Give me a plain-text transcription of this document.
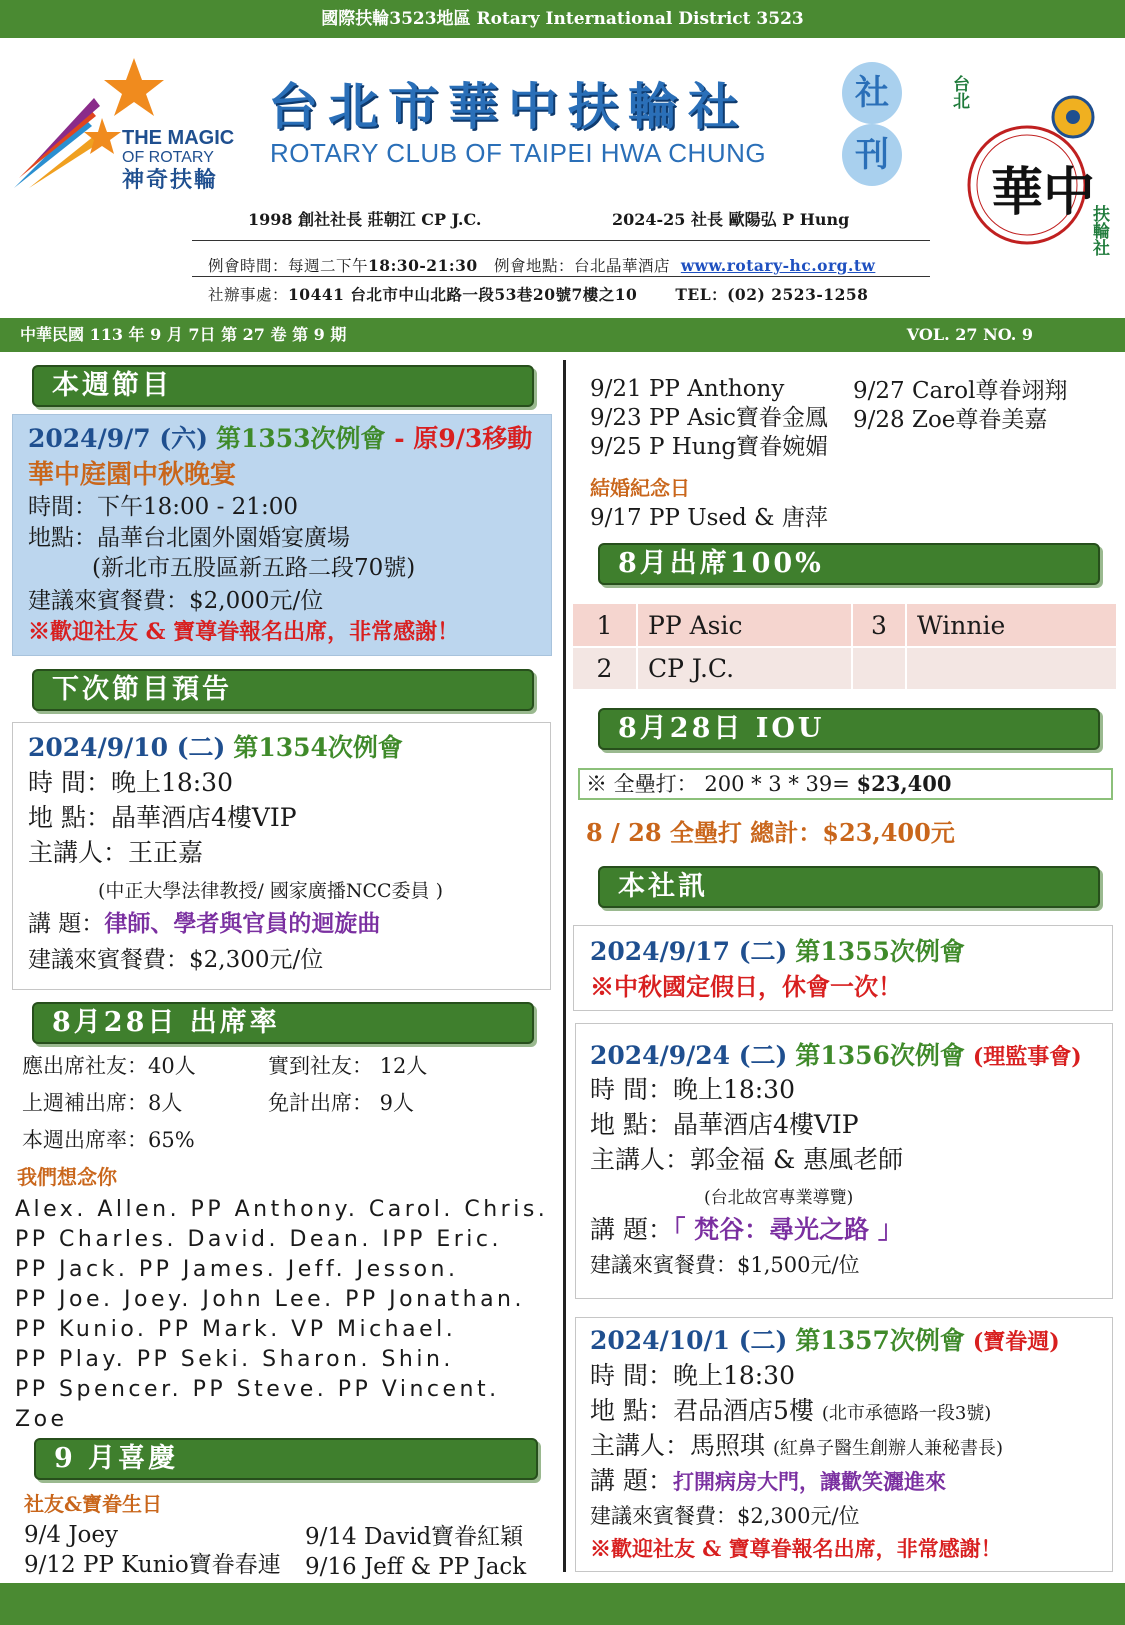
國際扶輪3523地區 Rotary International District 3523
THE MAGIC
OF ROTARY
神奇扶輪
台北市華中扶輪社
ROTARY CLUB OF TAIPEI HWA CHUNG
社
刊
台北
華中
扶輪社
1998 創社社長 莊朝江 CP J.C.	2024-25 社長 歐陽弘 P Hung
例會時間：每週二下午18:30-21:30 例會地點：台北晶華酒店 www.rotary-hc.org.tw
社辦事處：10441 台北市中山北路一段53巷20號7樓之10 TEL：(02) 2523-1258
中華民國 113 年 9 月 7日 第 27 卷 第 9 期	VOL. 27 NO. 9
本週節目
2024/9/7 (六) 第1353次例會 - 原9/3移動
華中庭園中秋晚宴
時間：下午18:00 - 21:00
地點：晶華台北園外園婚宴廣場
(新北市五股區新五路二段70號)
建議來賓餐費：$2,000元/位
※歡迎社友 & 寶尊眷報名出席，非常感謝！
下次節目預告
2024/9/10 (二) 第1354次例會
時 間：晚上18:30
地 點：晶華酒店4樓VIP
主講人：王正嘉
(中正大學法律教授/ 國家廣播NCC委員 )
講 題：律師、學者與官員的迴旋曲
建議來賓餐費：$2,300元/位
8月28日 出席率
應出席社友：40人	實到社友： 12人
上週補出席：8人	免計出席： 9人
本週出席率：65%
我們想念你
Alex. Allen. PP Anthony. Carol. Chris.
PP Charles. David. Dean. IPP Eric.
PP Jack. PP James. Jeff. Jesson.
PP Joe. Joey. John Lee. PP Jonathan.
PP Kunio. PP Mark. VP Michael.
PP Play. PP Seki. Sharon. Shin.
PP Spencer. PP Steve. PP Vincent.
Zoe
9 月喜慶
社友&寶眷生日
9/4 Joey
9/12 PP Kunio寶眷春連
9/14 David寶眷紅穎
9/16 Jeff & PP Jack
9/21 PP Anthony
9/23 PP Asic寶眷金鳳
9/25 P Hung寶眷婉媚
9/27 Carol尊眷翊翔
9/28 Zoe尊眷美嘉
結婚紀念日
9/17 PP Used & 唐萍
8月出席100%
1	PP Asic	3	Winnie
2	CP J.C.		
8月28日 IOU
※ 全壘打： 200 * 3 * 39= $23,400
8 / 28 全壘打 總計：$23,400元
本社訊
2024/9/17 (二) 第1355次例會
※中秋國定假日，休會一次！
2024/9/24 (二) 第1356次例會 (理監事會)
時 間：晚上18:30
地 點：晶華酒店4樓VIP
主講人：郭金福 & 惠風老師
(台北故宮專業導覽)
講 題：「 梵谷：尋光之路 」
建議來賓餐費：$1,500元/位
2024/10/1 (二) 第1357次例會 (寶眷週)
時 間：晚上18:30
地 點：君品酒店5樓 (北市承德路一段3號)
主講人：馬照琪 (紅鼻子醫生創辦人兼秘書長)
講 題：打開病房大門，讓歡笑灑進來
建議來賓餐費：$2,300元/位
※歡迎社友 & 寶尊眷報名出席，非常感謝！
